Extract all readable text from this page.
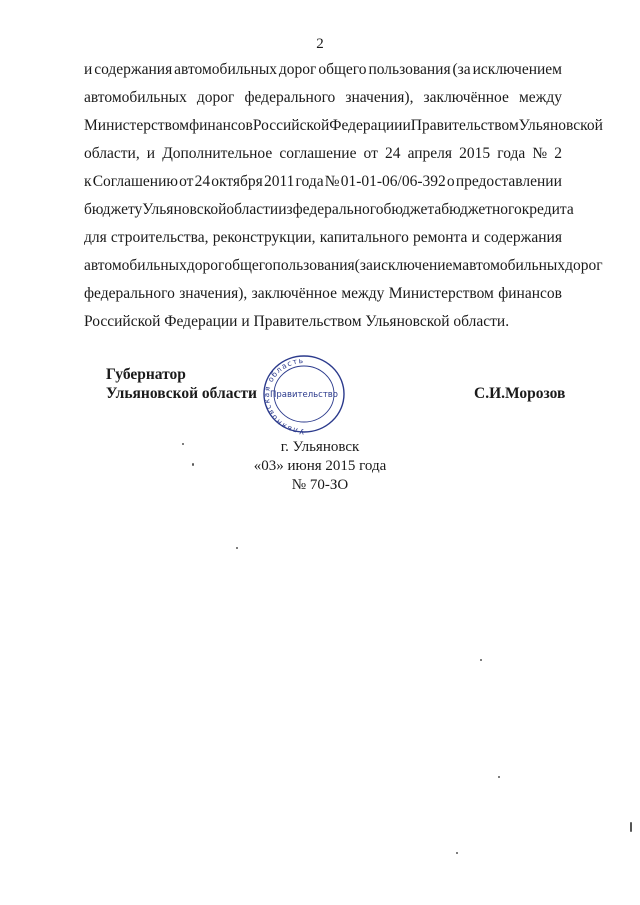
2
и содержания автомобильных дорог общего пользования (за исключением
автомобильных дорог федерального значения), заключённое между
Министерством финансов Российской Федерации и Правительством Ульяновской
области, и Дополнительное соглашение от 24 апреля 2015 года № 2
к Соглашению от 24 октября 2011 года № 01-01-06/06-392 о предоставлении
бюджету Ульяновской области из федерального бюджета бюджетного кредита
для строительства, реконструкции, капитального ремонта и содержания
автомобильных дорог общего пользования (за исключением автомобильных дорог
федерального значения), заключённое между Министерством финансов
Российской Федерации и Правительством Ульяновской области.
Губернатор
Ульяновской области
Ульяновская область
Правительство	С.И.Морозов
г. Ульяновск
«03» июня 2015 года
№ 70-ЗО
